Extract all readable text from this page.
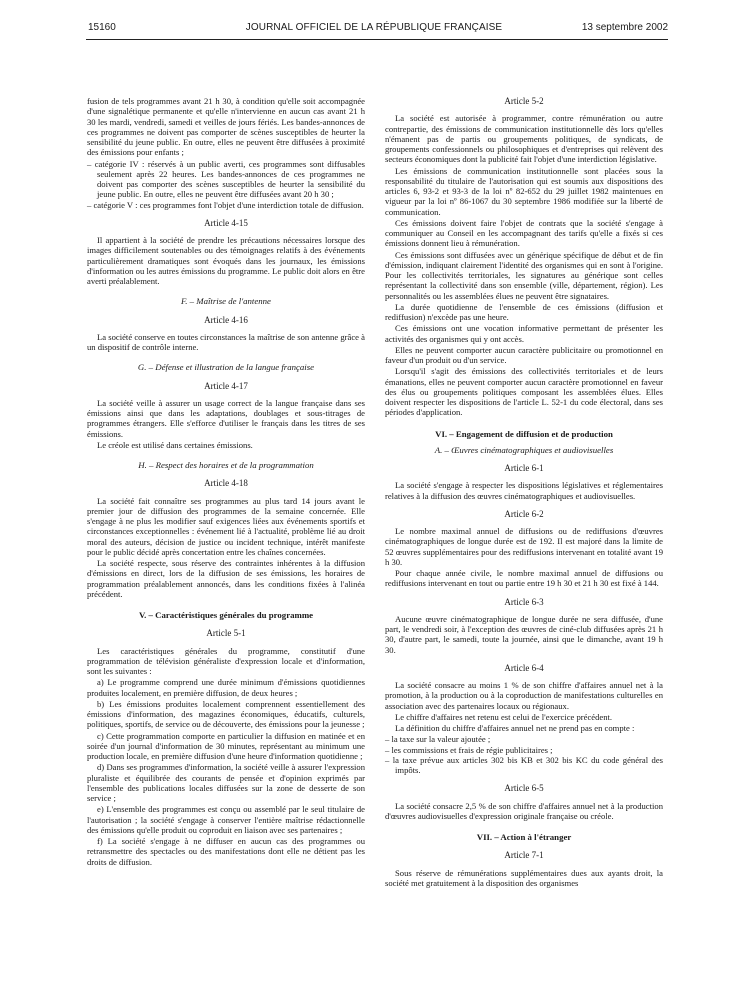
15160	JOURNAL OFFICIEL DE LA RÉPUBLIQUE FRANÇAISE	13 septembre 2002

fusion de tels programmes avant 21 h 30, à condition qu'elle soit accompagnée d'une signalétique permanente et qu'elle n'intervienne en aucun cas avant 21 h 30 les mardi, vendredi, samedi et veilles de jours fériés. Les bandes-annonces de ces programmes ne doivent pas comporter de scènes susceptibles de heurter la sensibilité du jeune public. En outre, elles ne peuvent être diffusées à proximité des émissions pour enfants ;

– catégorie IV : réservés à un public averti, ces programmes sont diffusables seulement après 22 heures. Les bandes-annonces de ces programmes ne doivent pas comporter des scènes susceptibles de heurter la sensibilité du jeune public. En outre, elles ne peuvent être diffusées avant 20 h 30 ;
– catégorie V : ces programmes font l'objet d'une interdiction totale de diffusion.
Article 4-15

Il appartient à la société de prendre les précautions nécessaires lorsque des images difficilement soutenables ou des témoignages relatifs à des événements particulièrement dramatiques sont évoqués dans les journaux, les émissions d'information ou les autres émissions du programme. Le public doit alors en être averti préalablement.

F. – Maîtrise de l'antenne
Article 4-16

La société conserve en toutes circonstances la maîtrise de son antenne grâce à un dispositif de contrôle interne.

G. – Défense et illustration de la langue française
Article 4-17

La société veille à assurer un usage correct de la langue française dans ses émissions ainsi que dans les adaptations, doublages et sous-titrages de programmes étrangers. Elle s'efforce d'utiliser le français dans les titres de ses émissions.

Le créole est utilisé dans certaines émissions.

H. – Respect des horaires et de la programmation
Article 4-18

La société fait connaître ses programmes au plus tard 14 jours avant le premier jour de diffusion des programmes de la semaine concernée. Elle s'engage à ne plus les modifier sauf exigences liées aux événements sportifs et circonstances exceptionnelles : événement lié à l'actualité, problème lié au droit moral des auteurs, décision de justice ou incident technique, intérêt manifeste pour le public décidé après concertation entre les chaînes concernées.

La société respecte, sous réserve des contraintes inhérentes à la diffusion d'émissions en direct, lors de la diffusion de ses émissions, les horaires de programmation préalablement annoncés, dans les conditions fixées à l'alinéa précédent.

V. – Caractéristiques générales du programme
Article 5-1

Les caractéristiques générales du programme, constitutif d'une programmation de télévision généraliste d'expression locale et d'information, sont les suivantes :

a) Le programme comprend une durée minimum d'émissions quotidiennes produites localement, en première diffusion, de deux heures ;

b) Les émissions produites localement comprennent essentiellement des émissions d'information, des magazines économiques, éducatifs, culturels, politiques, sportifs, de service ou de découverte, des émissions pour la jeunesse ;

c) Cette programmation comporte en particulier la diffusion en matinée et en soirée d'un journal d'information de 30 minutes, représentant au minimum une production locale, en première diffusion d'une heure d'information quotidienne ;

d) Dans ses programmes d'information, la société veille à assurer l'expression pluraliste et équilibrée des courants de pensée et d'opinion exprimés par l'ensemble des publications locales diffusées sur la zone de desserte de son service ;

e) L'ensemble des programmes est conçu ou assemblé par le seul titulaire de l'autorisation ; la société s'engage à conserver l'entière maîtrise rédactionnelle des émissions qu'elle produit ou coproduit en liaison avec ses partenaires ;

f) La société s'engage à ne diffuser en aucun cas des programmes ou retransmettre des spectacles ou des manifestations dont elle ne détient pas les droits de diffusion.

Article 5-2

La société est autorisée à programmer, contre rémunération ou autre contrepartie, des émissions de communication institutionnelle dès lors qu'elles n'émanent pas de partis ou groupements politiques, de syndicats, de groupements confessionnels ou philosophiques et d'entreprises qui relèvent des secteurs économiques dont la publicité fait l'objet d'une interdiction législative.

Les émissions de communication institutionnelle sont placées sous la responsabilité du titulaire de l'autorisation qui est soumis aux dispositions des articles 6, 93-2 et 93-3 de la loi nº 82-652 du 29 juillet 1982 maintenues en vigueur par la loi nº 86-1067 du 30 septembre 1986 modifiée sur la liberté de communication.

Ces émissions doivent faire l'objet de contrats que la société s'engage à communiquer au Conseil en les accompagnant des tarifs qu'elle a fixés si ces émissions donnent lieu à rémunération.

Ces émissions sont diffusées avec un générique spécifique de début et de fin d'émission, indiquant clairement l'identité des organismes qui en sont à l'origine. Pour les collectivités territoriales, les signatures au générique sont celles représentant la collectivité dans son ensemble (ville, département, région). Les personnalités ou les assemblées élues ne peuvent être signataires.

La durée quotidienne de l'ensemble de ces émissions (diffusion et rediffusion) n'excède pas une heure.

Ces émissions ont une vocation informative permettant de présenter les activités des organismes qui y ont accès.

Elles ne peuvent comporter aucun caractère publicitaire ou promotionnel en faveur d'un produit ou d'un service.

Lorsqu'il s'agit des émissions des collectivités territoriales et de leurs émanations, elles ne peuvent comporter aucun caractère promotionnel en faveur des élus ou groupements politiques composant les assemblées élues. Elles doivent respecter les dispositions de l'article L. 52-1 du code électoral, dans ses périodes d'application.

VI. – Engagement de diffusion et de production
A. – Œuvres cinématographiques et audiovisuelles
Article 6-1

La société s'engage à respecter les dispositions législatives et réglementaires relatives à la diffusion des œuvres cinématographiques et audiovisuelles.

Article 6-2

Le nombre maximal annuel de diffusions ou de rediffusions d'œuvres cinématographiques de longue durée est de 192. Il est majoré dans la limite de 52 œuvres supplémentaires pour des rediffusions intervenant en totalité avant 19 h 30.

Pour chaque année civile, le nombre maximal annuel de diffusions ou rediffusions intervenant en tout ou partie entre 19 h 30 et 21 h 30 est fixé à 144.

Article 6-3

Aucune œuvre cinématographique de longue durée ne sera diffusée, d'une part, le vendredi soir, à l'exception des œuvres de ciné-club diffusées après 21 h 30, d'autre part, le samedi, toute la journée, ainsi que le dimanche, avant 19 h 30.

Article 6-4

La société consacre au moins 1 % de son chiffre d'affaires annuel net à la promotion, à la production ou à la coproduction de manifestations culturelles en association avec des partenaires locaux ou régionaux.

Le chiffre d'affaires net retenu est celui de l'exercice précédent.

La définition du chiffre d'affaires annuel net ne prend pas en compte :

– la taxe sur la valeur ajoutée ;
– les commissions et frais de régie publicitaires ;
– la taxe prévue aux articles 302 bis KB et 302 bis KC du code général des impôts.
Article 6-5

La société consacre 2,5 % de son chiffre d'affaires annuel net à la production d'œuvres audiovisuelles d'expression originale française ou créole.

VII. – Action à l'étranger
Article 7-1

Sous réserve de rémunérations supplémentaires dues aux ayants droit, la société met gratuitement à la disposition des organismes
